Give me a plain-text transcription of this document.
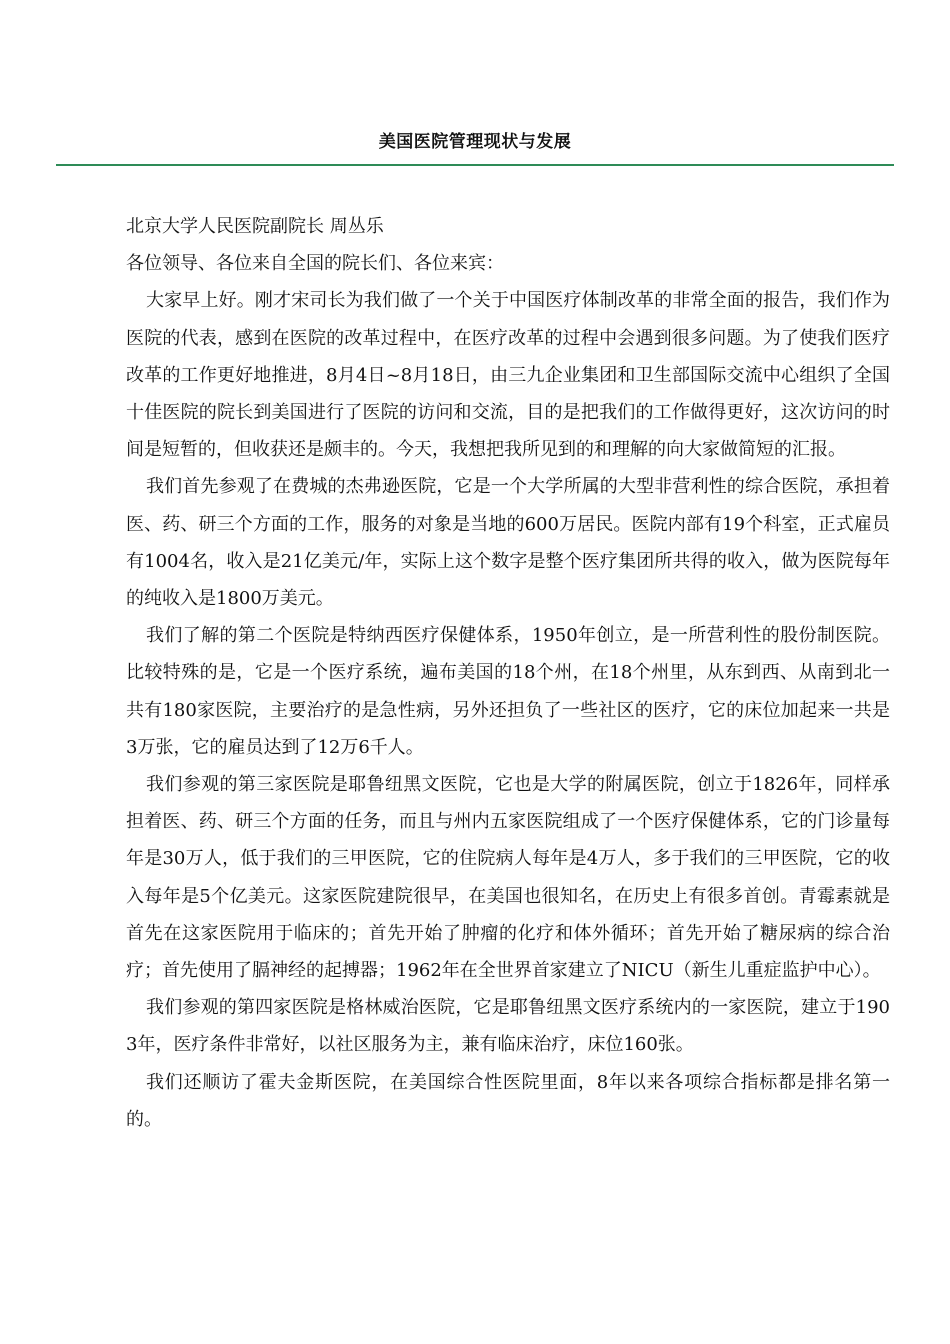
美国医院管理现状与发展

北京大学人民医院副院长 周丛乐

各位领导、各位来自全国的院长们、各位来宾：

大家早上好。刚才宋司长为我们做了一个关于中国医疗体制改革的非常全面的报告，我们作为医院的代表，感到在医院的改革过程中，在医疗改革的过程中会遇到很多问题。为了使我们医疗改革的工作更好地推进，8月4日~8月18日，由三九企业集团和卫生部国际交流中心组织了全国十佳医院的院长到美国进行了医院的访问和交流，目的是把我们的工作做得更好，这次访问的时间是短暂的，但收获还是颇丰的。今天，我想把我所见到的和理解的向大家做简短的汇报。

我们首先参观了在费城的杰弗逊医院，它是一个大学所属的大型非营利性的综合医院，承担着医、药、研三个方面的工作，服务的对象是当地的600万居民。医院内部有19个科室，正式雇员有1004名，收入是21亿美元/年，实际上这个数字是整个医疗集团所共得的收入，做为医院每年的纯收入是1800万美元。

我们了解的第二个医院是特纳西医疗保健体系，1950年创立，是一所营利性的股份制医院。比较特殊的是，它是一个医疗系统，遍布美国的18个州，在18个州里，从东到西、从南到北一共有180家医院，主要治疗的是急性病，另外还担负了一些社区的医疗，它的床位加起来一共是3万张，它的雇员达到了12万6千人。

我们参观的第三家医院是耶鲁纽黑文医院，它也是大学的附属医院，创立于1826年，同样承担着医、药、研三个方面的任务，而且与州内五家医院组成了一个医疗保健体系，它的门诊量每年是30万人，低于我们的三甲医院，它的住院病人每年是4万人，多于我们的三甲医院，它的收入每年是5个亿美元。这家医院建院很早，在美国也很知名，在历史上有很多首创。青霉素就是首先在这家医院用于临床的；首先开始了肿瘤的化疗和体外循环；首先开始了糖尿病的综合治疗；首先使用了膈神经的起搏器；1962年在全世界首家建立了NICU（新生儿重症监护中心）。

我们参观的第四家医院是格林威治医院，它是耶鲁纽黑文医疗系统内的一家医院，建立于1903年，医疗条件非常好，以社区服务为主，兼有临床治疗，床位160张。

我们还顺访了霍夫金斯医院，在美国综合性医院里面，8年以来各项综合指标都是排名第一的。
